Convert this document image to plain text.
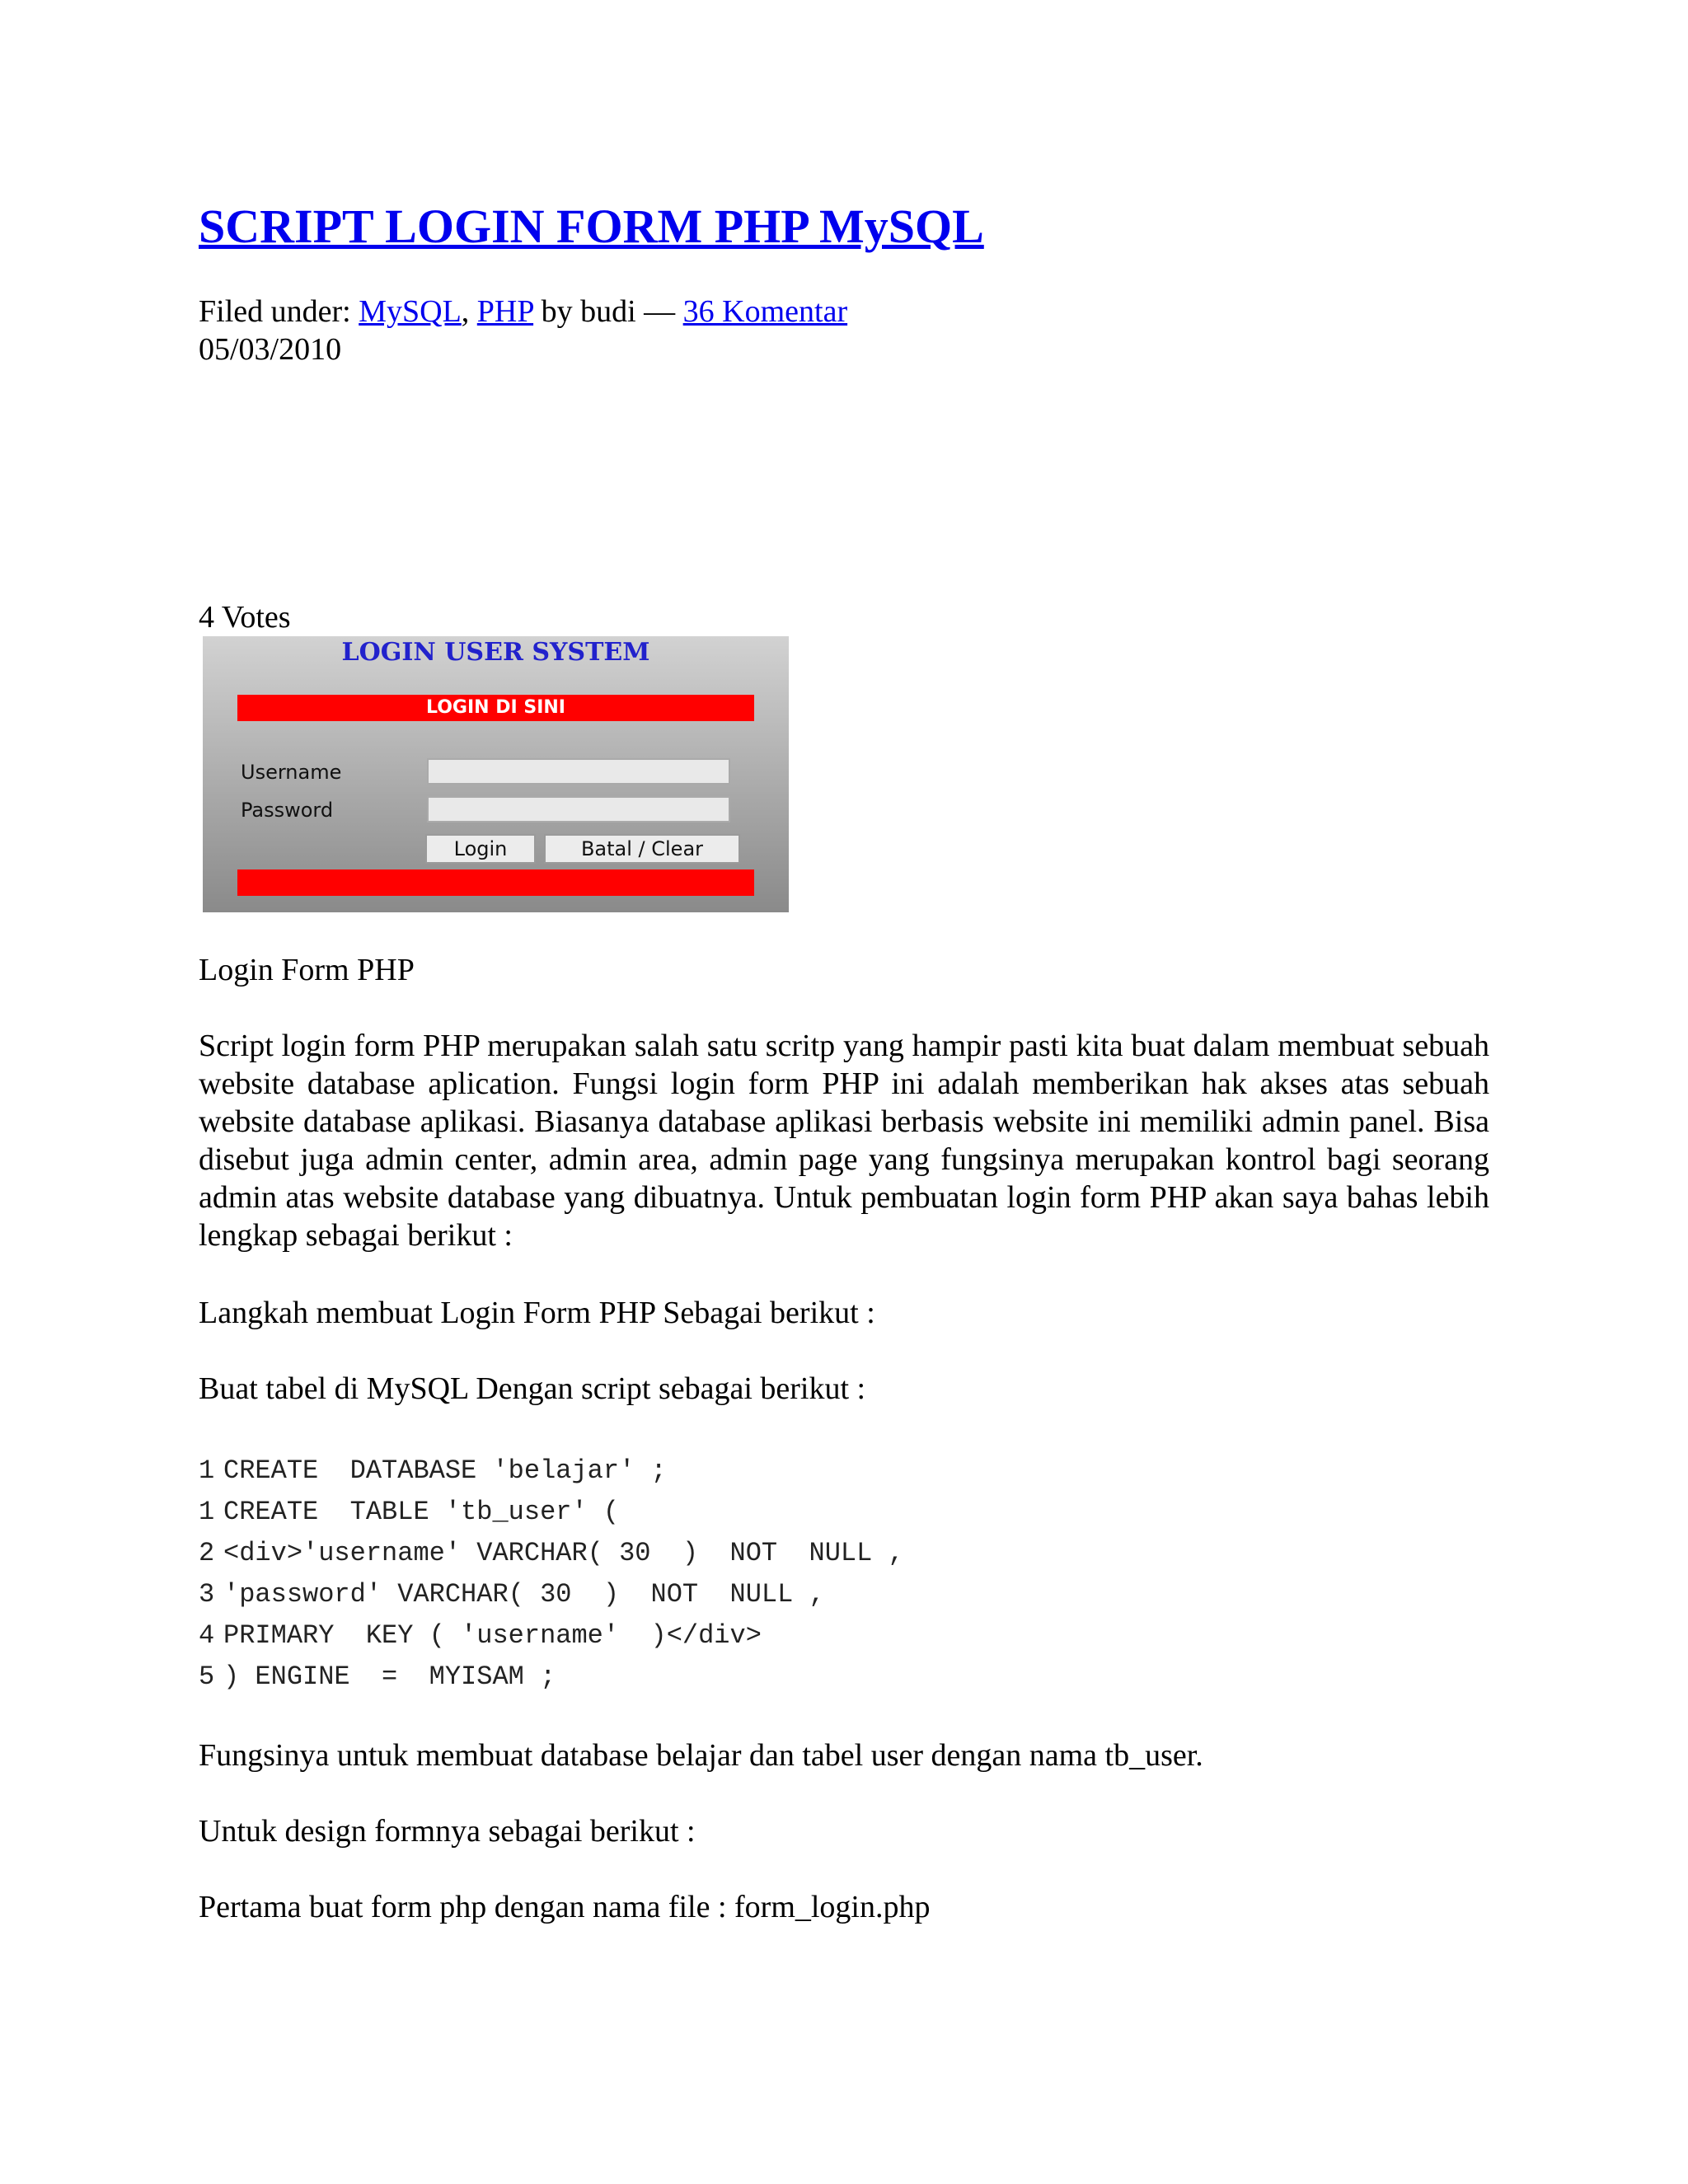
SCRIPT LOGIN FORM PHP MySQL
Filed under: MySQL, PHP by budi — 36 Komentar
05/03/2010
4 Votes
LOGIN USER SYSTEM
LOGIN DI SINI
Username
Password
Login	Batal / Clear

Login Form PHP

Script login form PHP merupakan salah satu scritp yang hampir pasti kita buat dalam membuat sebuah website database aplication. Fungsi login form PHP ini adalah memberikan hak akses atas sebuah website database aplikasi. Biasanya database aplikasi berbasis website ini memiliki admin panel. Bisa disebut juga admin center, admin area, admin page yang fungsinya merupakan kontrol bagi seorang admin atas website database yang dibuatnya. Untuk pembuatan login form PHP akan saya bahas lebih lengkap sebagai berikut :

Langkah membuat Login Form PHP Sebagai berikut :

Buat tabel di MySQL Dengan script sebagai berikut :

1 CREATE  DATABASE 'belajar' ;
1 CREATE  TABLE 'tb_user' (
2 <div>'username' VARCHAR( 30  )  NOT  NULL ,
3 'password' VARCHAR( 30  )  NOT  NULL ,
4 PRIMARY  KEY ( 'username'  )</div>
5 ) ENGINE  =  MYISAM ;

Fungsinya untuk membuat database belajar dan tabel user dengan nama tb_user.

Untuk design formnya sebagai berikut :

Pertama buat form php dengan nama file : form_login.php
